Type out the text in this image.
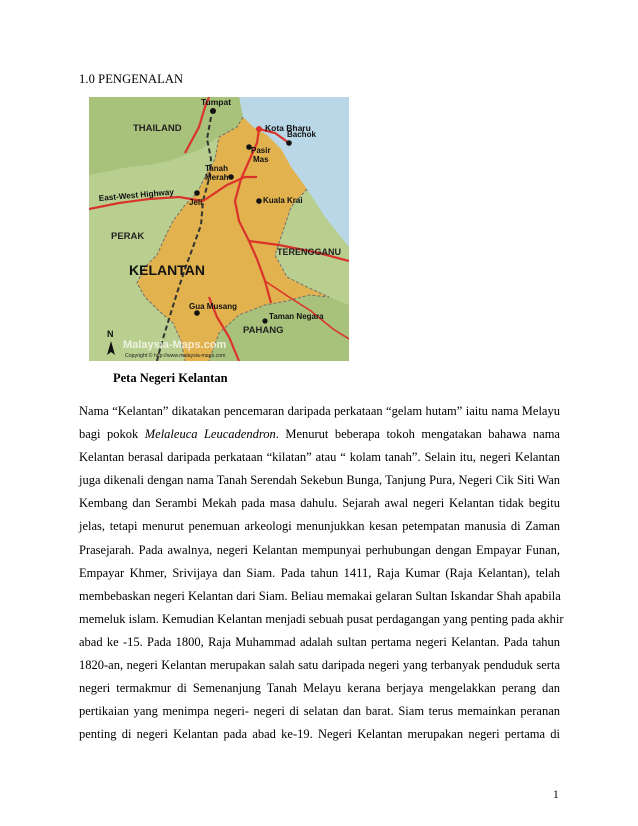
1.0 PENGENALAN
Tumpat
Kota Bharu
Bachok
THAILAND
Pasir Mas
Tanah Merah
East-West Highway Jeli	Kuala Krai
PERAK
TERENGGANU
KELANTAN
Gua Musang
Taman Negara
PAHANG
N
Malaysia-Maps.com
Copyright © http://www.malaysia-maps.com
Peta Negeri Kelantan
Nama “Kelantan” dikatakan pencemaran daripada perkataan “gelam hutam” iaitu nama Melayu
bagi pokok Melaleuca Leucadendron. Menurut beberapa tokoh mengatakan bahawa nama
Kelantan berasal daripada perkataan “kilatan” atau “ kolam tanah”. Selain itu, negeri Kelantan
juga dikenali dengan nama Tanah Serendah Sekebun Bunga, Tanjung Pura, Negeri Cik Siti Wan
Kembang dan Serambi Mekah pada masa dahulu. Sejarah awal negeri Kelantan tidak begitu
jelas, tetapi menurut penemuan arkeologi menunjukkan kesan petempatan manusia di Zaman
Prasejarah. Pada awalnya, negeri Kelantan mempunyai perhubungan dengan Empayar Funan,
Empayar Khmer, Srivijaya dan Siam. Pada tahun 1411, Raja Kumar (Raja Kelantan), telah
membebaskan negeri Kelantan dari Siam. Beliau memakai gelaran Sultan Iskandar Shah apabila
memeluk islam. Kemudian Kelantan menjadi sebuah pusat perdagangan yang penting pada akhir
abad ke -15. Pada 1800, Raja Muhammad adalah sultan pertama negeri Kelantan. Pada tahun
1820-an, negeri Kelantan merupakan salah satu daripada negeri yang terbanyak penduduk serta
negeri termakmur di Semenanjung Tanah Melayu kerana berjaya mengelakkan perang dan
pertikaian yang menimpa negeri- negeri di selatan dan barat. Siam terus memainkan peranan
penting di negeri Kelantan pada abad ke-19. Negeri Kelantan merupakan negeri pertama di
1
